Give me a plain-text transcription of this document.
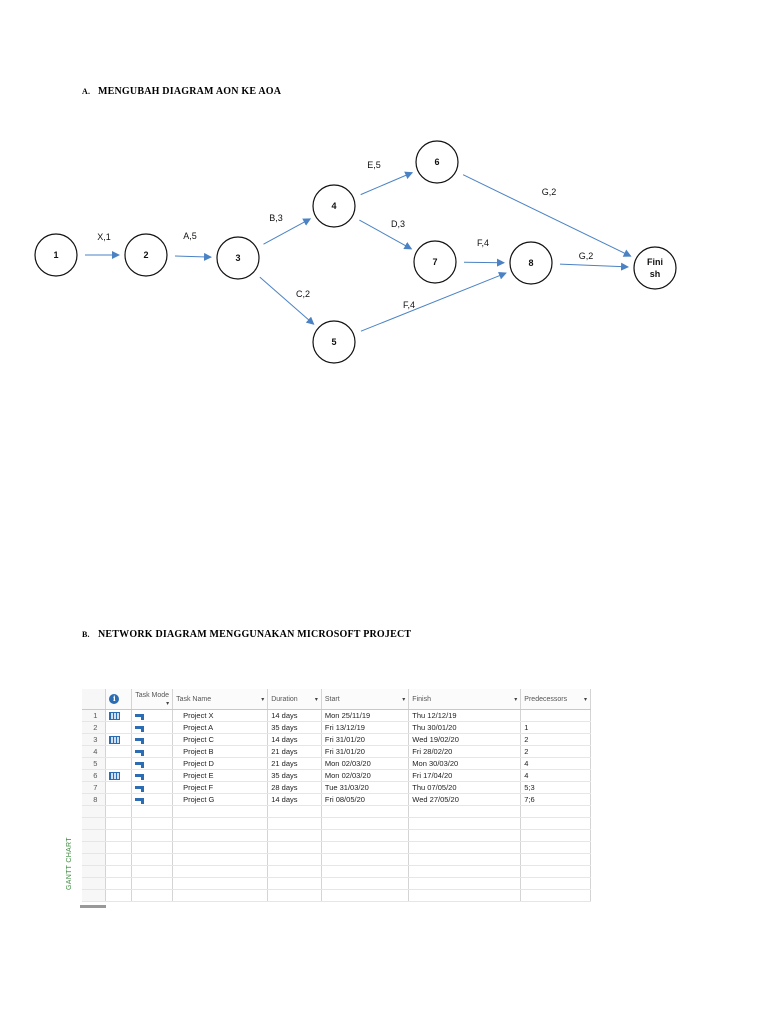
A. MENGUBAH DIAGRAM AON KE AOA
1	2	3
4
5
6
7	8	Fini
sh
X,1	A,5
B,3
C,2
E,5
D,3
G,2
F,4
F,4
G,2
B. NETWORK DIAGRAM MENGGUNAKAN MICROSOFT PROJECT
GANTT CHART
	i	Task Mode
▾	Task Name ▾	Duration ▾	Start ▾	Finish ▾	Predecessors ▾

1			Project X	14 days	Mon 25/11/19	Thu 12/12/19	
2			Project A	35 days	Fri 13/12/19	Thu 30/01/20	1
3			Project C	14 days	Fri 31/01/20	Wed 19/02/20	2
4			Project B	21 days	Fri 31/01/20	Fri 28/02/20	2
5			Project D	21 days	Mon 02/03/20	Mon 30/03/20	4
6			Project E	35 days	Mon 02/03/20	Fri 17/04/20	4
7			Project F	28 days	Tue 31/03/20	Thu 07/05/20	5;3
8			Project G	14 days	Fri 08/05/20	Wed 27/05/20	7;6
